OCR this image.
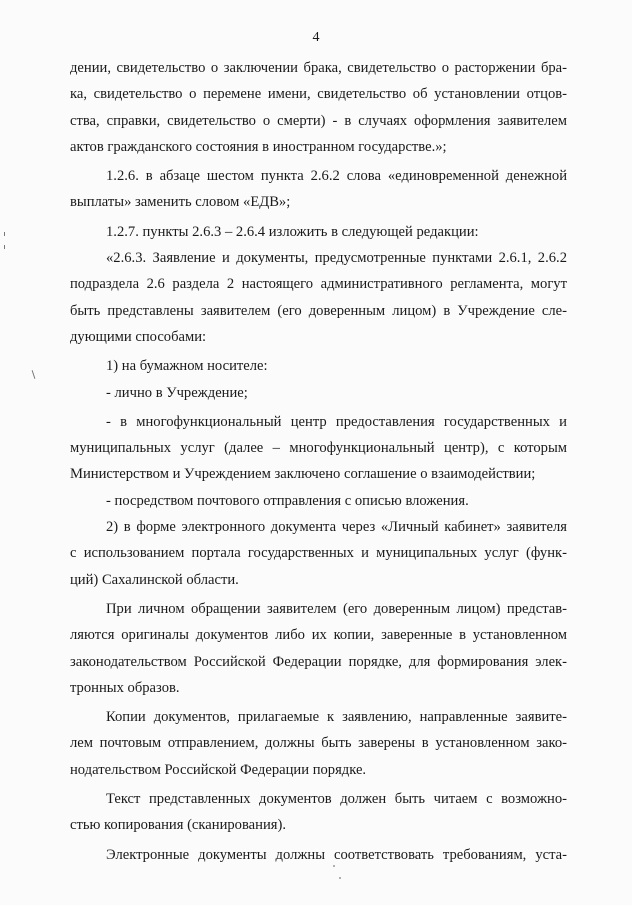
4
дении, свидетельство о заключении брака, свидетельство о расторжении бра-
ка, свидетельство о перемене имени, свидетельство об установлении отцов-
ства, справки, свидетельство о смерти) - в случаях оформления заявителем
актов гражданского состояния в иностранном государстве.»;
1.2.6. в абзаце шестом пункта 2.6.2 слова «единовременной денежной
выплаты» заменить словом «ЕДВ»;
1.2.7. пункты 2.6.3 – 2.6.4 изложить в следующей редакции:
«2.6.3. Заявление и документы, предусмотренные пунктами 2.6.1, 2.6.2
подраздела 2.6 раздела 2 настоящего административного регламента, могут
быть представлены заявителем (его доверенным лицом) в Учреждение сле-
дующими способами:
1) на бумажном носителе:
- лично в Учреждение;
- в многофункциональный центр предоставления государственных и
муниципальных услуг (далее – многофункциональный центр), с которым
Министерством и Учреждением заключено соглашение о взаимодействии;
- посредством почтового отправления с описью вложения.
2) в форме электронного документа через «Личный кабинет» заявителя
с использованием портала государственных и муниципальных услуг (функ-
ций) Сахалинской области.
При личном обращении заявителем (его доверенным лицом) представ-
ляются оригиналы документов либо их копии, заверенные в установленном
законодательством Российской Федерации порядке, для формирования элек-
тронных образов.
Копии документов, прилагаемые к заявлению, направленные заявите-
лем почтовым отправлением, должны быть заверены в установленном зако-
нодательством Российской Федерации порядке.
Текст представленных документов должен быть читаем с возможно-
стью копирования (сканирования).
Электронные документы должны соответствовать требованиям, уста-
